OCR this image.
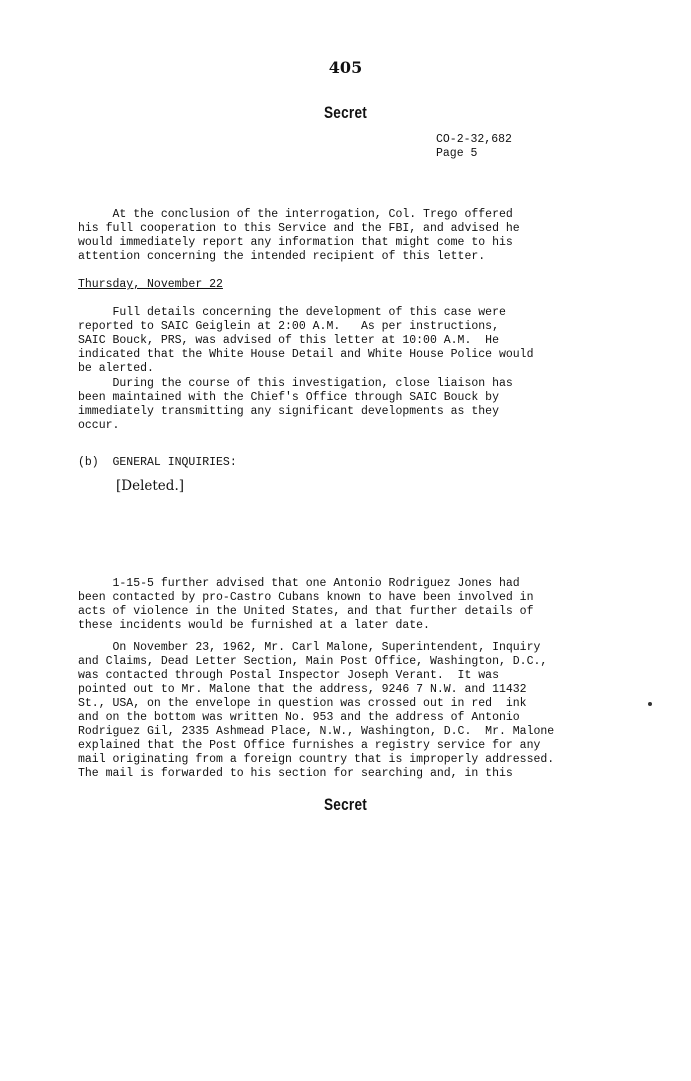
405
Secret
CO-2-32,682
Page 5
At the conclusion of the interrogation, Col. Trego offered
his full cooperation to this Service and the FBI, and advised he
would immediately report any information that might come to his
attention concerning the intended recipient of this letter.
Thursday, November 22
Full details concerning the development of this case were
reported to SAIC Geiglein at 2:00 A.M.   As per instructions,
SAIC Bouck, PRS, was advised of this letter at 10:00 A.M.  He
indicated that the White House Detail and White House Police would
be alerted.
During the course of this investigation, close liaison has
been maintained with the Chief's Office through SAIC Bouck by
immediately transmitting any significant developments as they
occur.
(b)  GENERAL INQUIRIES:
[Deleted.]
1-15-5 further advised that one Antonio Rodriguez Jones had
been contacted by pro-Castro Cubans known to have been involved in
acts of violence in the United States, and that further details of
these incidents would be furnished at a later date.
On November 23, 1962, Mr. Carl Malone, Superintendent, Inquiry
and Claims, Dead Letter Section, Main Post Office, Washington, D.C.,
was contacted through Postal Inspector Joseph Verant.  It was
pointed out to Mr. Malone that the address, 9246 7 N.W. and 11432
St., USA, on the envelope in question was crossed out in red  ink
and on the bottom was written No. 953 and the address of Antonio
Rodriguez Gil, 2335 Ashmead Place, N.W., Washington, D.C.  Mr. Malone
explained that the Post Office furnishes a registry service for any
mail originating from a foreign country that is improperly addressed.
The mail is forwarded to his section for searching and, in this
Secret
